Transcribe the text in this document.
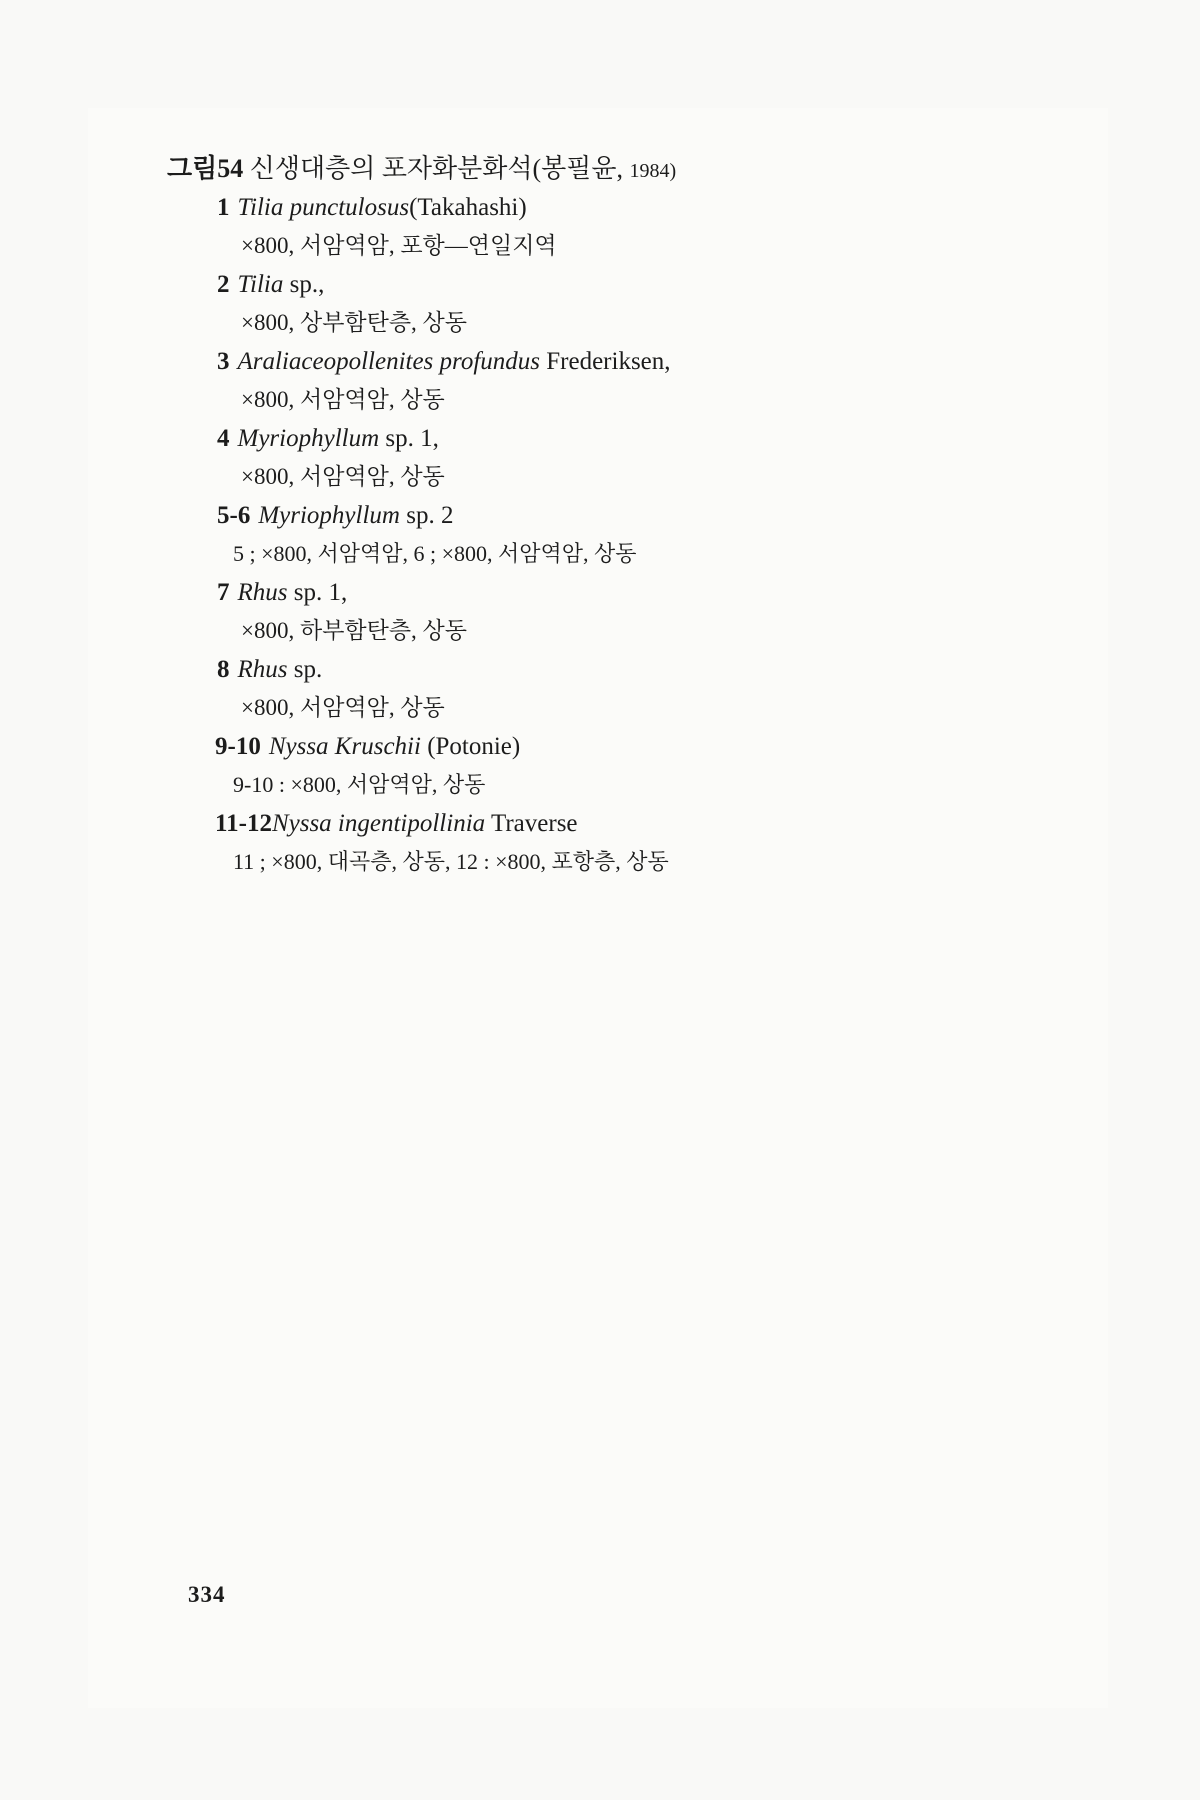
그림54 신생대층의 포자화분화석(봉필윤, 1984)
1 Tilia punctulosus(Takahashi)
×800, 서암역암, 포항—연일지역
2 Tilia sp.,
×800, 상부함탄층, 상동
3 Araliaceopollenites profundus Frederiksen,
×800, 서암역암, 상동
4 Myriophyllum sp. 1,
×800, 서암역암, 상동
5-6 Myriophyllum sp. 2
5 ; ×800, 서암역암, 6 ; ×800, 서암역암, 상동
7 Rhus sp. 1,
×800, 하부함탄층, 상동
8 Rhus sp.
×800, 서암역암, 상동
9-10 Nyssa Kruschii (Potonie)
9-10 : ×800, 서암역암, 상동
11-12Nyssa ingentipollinia Traverse
11 ; ×800, 대곡층, 상동, 12 : ×800, 포항층, 상동
334
